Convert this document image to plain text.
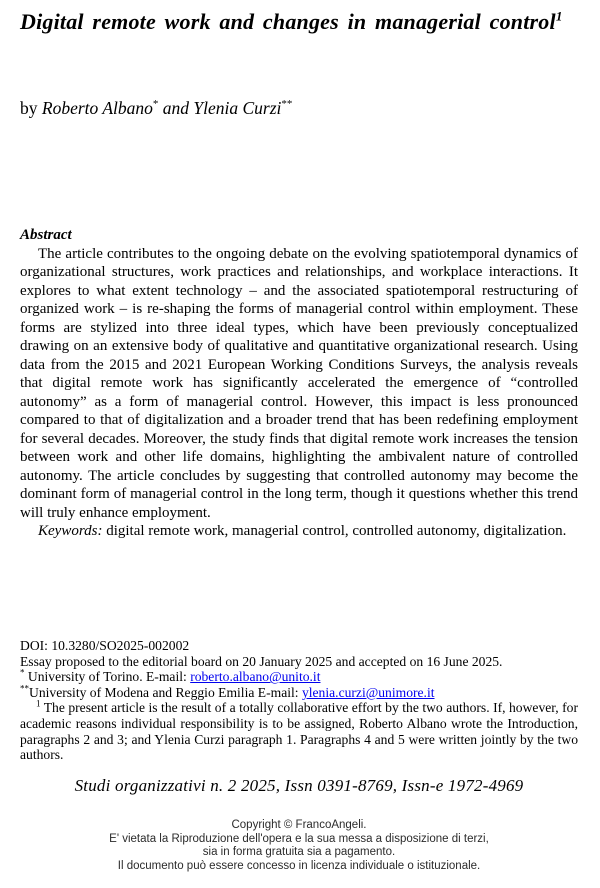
Digital remote work and changes in managerial control$^1$
by Roberto Albano* and Ylenia Curzi**
Abstract

The article contributes to the ongoing debate on the evolving spatiotemporal dynamics of organizational structures, work practices and relationships, and workplace interactions. It explores to what extent technology – and the associated spatiotemporal restructuring of organized work – is re-shaping the forms of managerial control within employment. These forms are stylized into three ideal types, which have been previously conceptualized drawing on an extensive body of qualitative and quantitative organizational research. Using data from the 2015 and 2021 European Working Conditions Surveys, the analysis reveals that digital remote work has significantly accelerated the emergence of “controlled autonomy” as a form of managerial control. However, this impact is less pronounced compared to that of digitalization and a broader trend that has been redefining employment for several decades. Moreover, the study finds that digital remote work increases the tension between work and other life domains, highlighting the ambivalent nature of controlled autonomy. The article concludes by suggesting that controlled autonomy may become the dominant form of managerial control in the long term, though it questions whether this trend will truly enhance employment.

Keywords: digital remote work, managerial control, controlled autonomy, digitalization.

DOI: 10.3280/SO2025-002002

Essay proposed to the editorial board on 20 January 2025 and accepted on 16 June 2025.

* University of Torino. E-mail: roberto.albano@unito.it

**University of Modena and Reggio Emilia E-mail: ylenia.curzi@unimore.it

$^1$ The present article is the result of a totally collaborative effort by the two authors. If, however, for academic reasons individual responsibility is to be assigned, Roberto Albano wrote the Introduction, paragraphs 2 and 3; and Ylenia Curzi paragraph 1. Paragraphs 4 and 5 were written jointly by the two authors.

Studi organizzativi n. 2 2025, Issn 0391-8769, Issn-e 1972-4969
Copyright © FrancoAngeli.
E' vietata la Riproduzione dell'opera e la sua messa a disposizione di terzi,
sia in forma gratuita sia a pagamento.
Il documento può essere concesso in licenza individuale o istituzionale.
